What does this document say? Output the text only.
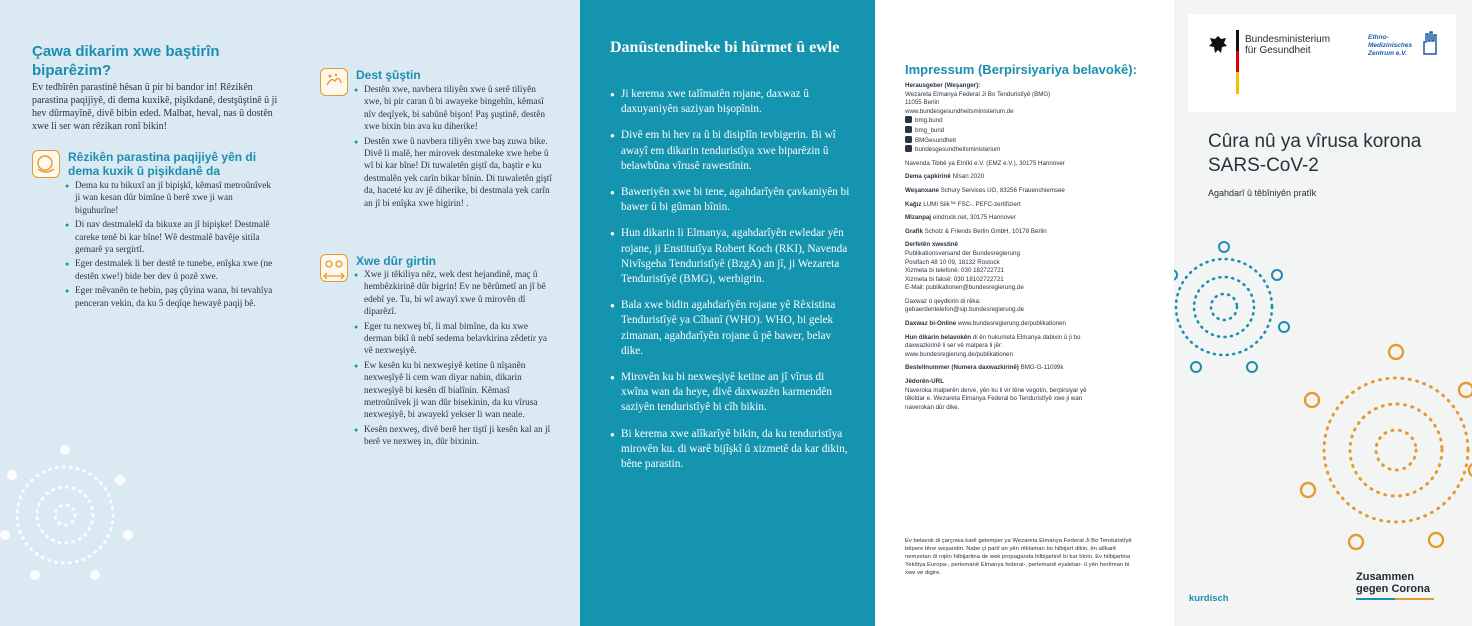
Çawa dikarim xwe baştirîn biparêzim?
Ev tedbîrên parastinê hêsan û pir bi bandor in! Rêzikên parastina paqijiyê, di dema kuxikê, pişikdanê, destşûştinê û ji hev dûrmayînê, divê bibin eded. Malbat, heval, nas û dostên xwe li ser wan rêzikan ronî bikin!
Rêzikên parastina paqijiyê yên di dema kuxik û pişikdanê da
● Dema ku tu bikuxî an jî bipişkî, kêmasî metroûnîvek ji wan kesan dûr bimîne û berê xwe ji wan biguhurîne!
● Di nav destmalekî da bikuxe an jî bipişke! Destmalê careke tenê bi kar bîne! Wê destmalê bavêje sitila gemarê ya sergirtî.
● Eger destmalek li ber destê te tunebe, enîşka xwe (ne destên xwe!) bide ber dev û pozê xwe.
● Eger mêvanên te hebin, paş çûyina wana, bi tevahîya penceran vekin, da ku 5 deqîqe hewayê paqij bê.
Dest şûştin
● Destên xwe, navbera tiliyên xwe û serê tiliyên xwe, bi pir caran û bi awayeke bingehîn, kêmasî nîv deqîyek, bi sabûnê bişon! Paş şuştinê, destên xwe bixin bin ava ku diherike!
● Destên xwe û navbera tiliyên xwe baş zuwa bike. Divê li malê, her mirovek destmaleke xwe hebe û wî bi kar bîne! Di tuwaletên giştî da, baştir e ku destmalên yek carîn bikar bînin. Di tuwaletên giştî da, haceté ku av jê diherike, bi destmala yek carîn an jî bi enîşka xwe bigirin! .
Xwe dûr girtin
● Xwe ji têkiliya nêz, wek dest hejandinê, maç û hembêzkirinê dûr bigrin! Ev ne bêrûmetî an jî bê edebî ye. Tu, bi wî awayî xwe û mirovên dî diparêzî.
● Eger tu nexweş bî, li mal bimîne, da ku xwe derman bikî û nebî sedema belavkirina zêdetir ya vê nexweşiyê.
● Ew kesên ku bi nexweşiyê ketine û nîşanên nexweşîyê li cem wan diyar nabin, dikarin nexweşîyê bi kesên dî bialînin. Kêmasî metroûnîvek ji wan dûr bisekinin, da ku vîrusa nexweşiyê, bi awayekî yekser li wan neale.
● Kesên nexweş, divê berê her tiştî ji kesên kal an jî berê ve nexweş in, dûr bixinin.
Danûstendineke bi hûrmet û ewle
● Ji kerema xwe talîmatên rojane, daxwaz û daxuyaniyên saziyan bişopînin.
● Divê em bi hev ra û bi disiplîn tevbigerin. Bi wî awayî em dikarin tenduristîya xwe biparêzin û belawbûna vîrusê rawestînin.
● Baweriyên xwe bi tene, agahdarîyên çavkaniyên bi bawer û bi gûman bînin.
● Hun dikarin li Elmanya, agahdarîyên ewledar yên rojane, ji Enstitutîya Robert Koch (RKI), Navenda Nivîsgeha Tenduristîyê (BzgA) an jî, ji Wezareta Tenduristîyê (BMG), werbigrin.
● Bala xwe bidin agahdarîyên rojane yê Rêxistina Tenduristîyê ya Cîhanî (WHO). WHO, bi gelek zimanan, agahdarîyên rojane û pê bawer, belav dike.
● Mirovên ku bi nexweşiyê ketine an jî vîrus di xwîna wan da heye, divê daxwazên karmendên saziyên tenduristîyê bi cîh bikin.
● Bi kerema xwe alîkarîyê bikin, da ku tenduristîya mirovên ku. di warê bijîşkî û xizmetê da kar dikin, bêne parastin.
Impressum (Berpirsiyariya belavokê):
Herausgeber (Weşanger):
Wezareta Elmanya Federal Ji Bo Tenduristîyê (BMG)
11055 Berlin
www.bundesgesundheitsministerium.de
bmg.bund
bmg_bund
BMGesundheit
bundesgesundheitsministerium
Navenda Tibbê ya Etnîkî e.V. (EMZ e.V.), 30175 Hannover
Dema çapkirinê Nîsan 2020
Weşanxane Schury Services UG, 83256 Frauenchiemsee
Kağız LUMI Silk™ FSC-, PEFC-zertifiziert
Mîzanpaj eindruck.net, 30175 Hannover
Grafik Scholz & Friends Berlin GmbH, 10178 Berlin
Derfetên xwestinê
Publikationsversand der Bundesregierung
Postfach 48 10 09, 18132 Rostock
Xizmeta bi telefonê: 030 182722721
Xizmeta bi faksê: 030 18102722721
E-Mail: publikationen@bundesregierung.de
Daxwaz û qeydkirin di rêka:
gebaerdentelefon@sip.bundesregierung.de
Daxwaz bi-Online www.bundesregierung.de/publikationen
Hun dikarin belavokên di ên hukumeta Elmanya dabixin û ji bo
daxwazkirinê li ser vê malpera li jêr:
www.bundesregierung.de/publikationen
Bestellnummer (Numera daxwazkirinê) BMG-G-11099k
Jêdorên-URL
Naveroka malperên derve, yên ku li vir têne vegotin, berpirsiyar yê
têkildar e. Wezareta Elmanya Federal bo Tenduristîyê xwe ji wan
naverokan dûr dike.
Ev belavok di çarçowa karê gelemper ya Wezareta Elmanya Federal Ji Bo Tenduristîyê bêpere têne weşandin. Nabe çi partî an yên rêklaman bo hilbijart dikin, ên alîkarê nemzetan di rojên hilbijartina de wek propaganda hilbijartinê bi kar bînin. Ev hilbijartina Yekîtiya Europa-, perlemanê Elmanya federal-, perlemanê eyaletan- û yên herêman bi xwe ve digire.
Bundesministerium
für Gesundheit
Ethno-
Medizinisches
Zentrum e.V.
Cûra nû ya vîrusa korona
SARS-CoV-2
Agahdarî û têbîniyên pratîk
kurdisch
Zusammen
gegen Corona
